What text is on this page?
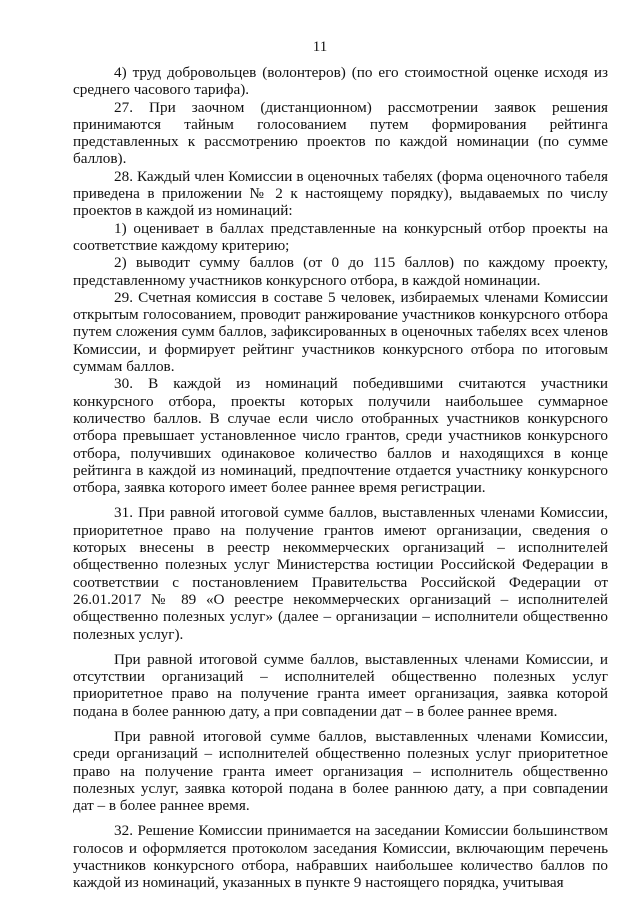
11

4) труд добровольцев (волонтеров) (по его стоимостной оценке исходя из среднего часового тарифа).

27. При заочном (дистанционном) рассмотрении заявок решения принимаются тайным голосованием путем формирования рейтинга представленных к рассмотрению проектов по каждой номинации (по сумме баллов).

28. Каждый член Комиссии в оценочных табелях (форма оценочного табеля приведена в приложении № 2 к настоящему порядку), выдаваемых по числу проектов в каждой из номинаций:

1) оценивает в баллах представленные на конкурсный отбор проекты на соответствие каждому критерию;

2) выводит сумму баллов (от 0 до 115 баллов) по каждому проекту, представленному участников конкурсного отбора, в каждой номинации.

29. Счетная комиссия в составе 5 человек, избираемых членами Комиссии открытым голосованием, проводит ранжирование участников конкурсного отбора путем сложения сумм баллов, зафиксированных в оценочных табелях всех членов Комиссии, и формирует рейтинг участников конкурсного отбора по итоговым суммам баллов.

30. В каждой из номинаций победившими считаются участники конкурсного отбора, проекты которых получили наибольшее суммарное количество баллов. В случае если число отобранных участников конкурсного отбора превышает установленное число грантов, среди участников конкурсного отбора, получивших одинаковое количество баллов и находящихся в конце рейтинга в каждой из номинаций, предпочтение отдается участнику конкурсного отбора, заявка которого имеет более раннее время регистрации.

31. При равной итоговой сумме баллов, выставленных членами Комиссии, приоритетное право на получение грантов имеют организации, сведения о которых внесены в реестр некоммерческих организаций – исполнителей общественно полезных услуг Министерства юстиции Российской Федерации в соответствии с постановлением Правительства Российской Федерации от 26.01.2017 № 89 «О реестре некоммерческих организаций – исполнителей общественно полезных услуг» (далее – организации – исполнители общественно полезных услуг).

При равной итоговой сумме баллов, выставленных членами Комиссии, и отсутствии организаций – исполнителей общественно полезных услуг приоритетное право на получение гранта имеет организация, заявка которой подана в более раннюю дату, а при совпадении дат – в более раннее время.

При равной итоговой сумме баллов, выставленных членами Комиссии, среди организаций – исполнителей общественно полезных услуг приоритетное право на получение гранта имеет организация – исполнитель общественно полезных услуг, заявка которой подана в более раннюю дату, а при совпадении дат – в более раннее время.

32. Решение Комиссии принимается на заседании Комиссии большинством голосов и оформляется протоколом заседания Комиссии, включающим перечень участников конкурсного отбора, набравших наибольшее количество баллов по каждой из номинаций, указанных в пункте 9 настоящего порядка, учитывая
